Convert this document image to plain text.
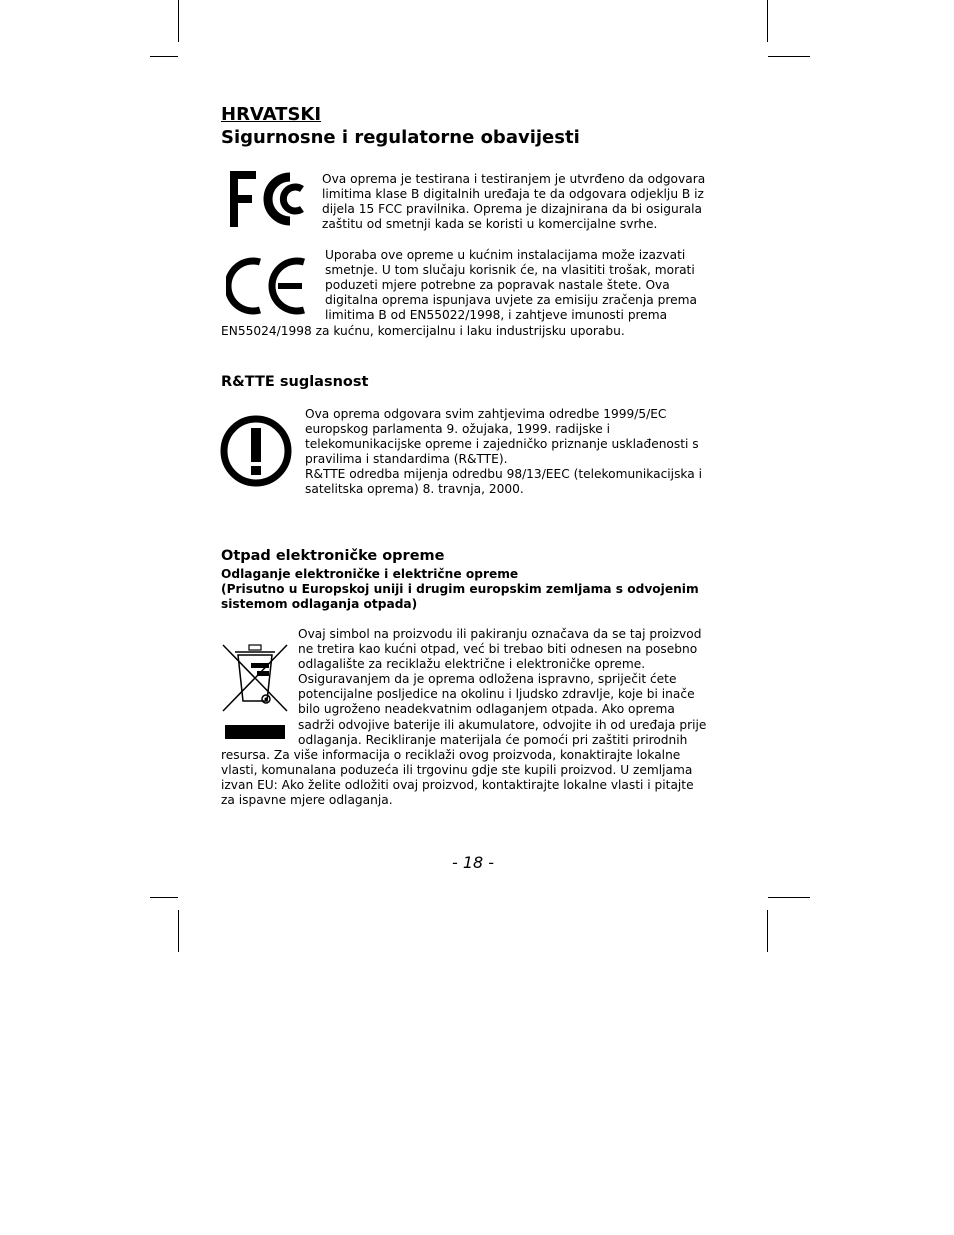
HRVATSKI
Sigurnosne i regulatorne obavijesti
Ova oprema je testirana i testiranjem je utvrđeno da odgovara
limitima klase B digitalnih uređaja te da odgovara odjeklju B iz
dijela 15 FCC pravilnika. Oprema je dizajnirana da bi osigurala
zaštitu od smetnji kada se koristi u komercijalne svrhe.
Uporaba ove opreme u kućnim instalacijama može izazvati
smetnje. U tom slučaju korisnik će, na vlasititi trošak, morati
poduzeti mjere potrebne za popravak nastale štete. Ova
digitalna oprema ispunjava uvjete za emisiju zračenja prema
limitima B od EN55022/1998, i zahtjeve imunosti prema
EN55024/1998 za kućnu, komercijalnu i laku industrijsku uporabu.
R&TTE suglasnost
Ova oprema odgovara svim zahtjevima odredbe 1999/5/EC
europskog parlamenta 9. ožujaka, 1999. radijske i
telekomunikacijske opreme i zajedničko priznanje usklađenosti s
pravilima i standardima (R&TTE).
R&TTE odredba mijenja odredbu 98/13/EEC (telekomunikacijska i
satelitska oprema) 8. travnja, 2000.
Otpad elektroničke opreme
Odlaganje elektroničke i električne opreme
(Prisutno u Europskoj uniji i drugim europskim zemljama s odvojenim
sistemom odlaganja otpada)
Ovaj simbol na proizvodu ili pakiranju označava da se taj proizvod
ne tretira kao kućni otpad, već bi trebao biti odnesen na posebno
odlagalište za reciklažu električne i elektroničke opreme.
Osiguravanjem da je oprema odložena ispravno, spriječit ćete
potencijalne posljedice na okolinu i ljudsko zdravlje, koje bi inače
bilo ugroženo neadekvatnim odlaganjem otpada. Ako oprema
sadrži odvojive baterije ili akumulatore, odvojite ih od uređaja prije
odlaganja. Recikliranje materijala će pomoći pri zaštiti prirodnih
resursa. Za više informacija o reciklaži ovog proizvoda, konaktirajte lokalne
vlasti, komunalana poduzeća ili trgovinu gdje ste kupili proizvod. U zemljama
izvan EU: Ako želite odložiti ovaj proizvod, kontaktirajte lokalne vlasti i pitajte
za ispavne mjere odlaganja.
- 18 -
